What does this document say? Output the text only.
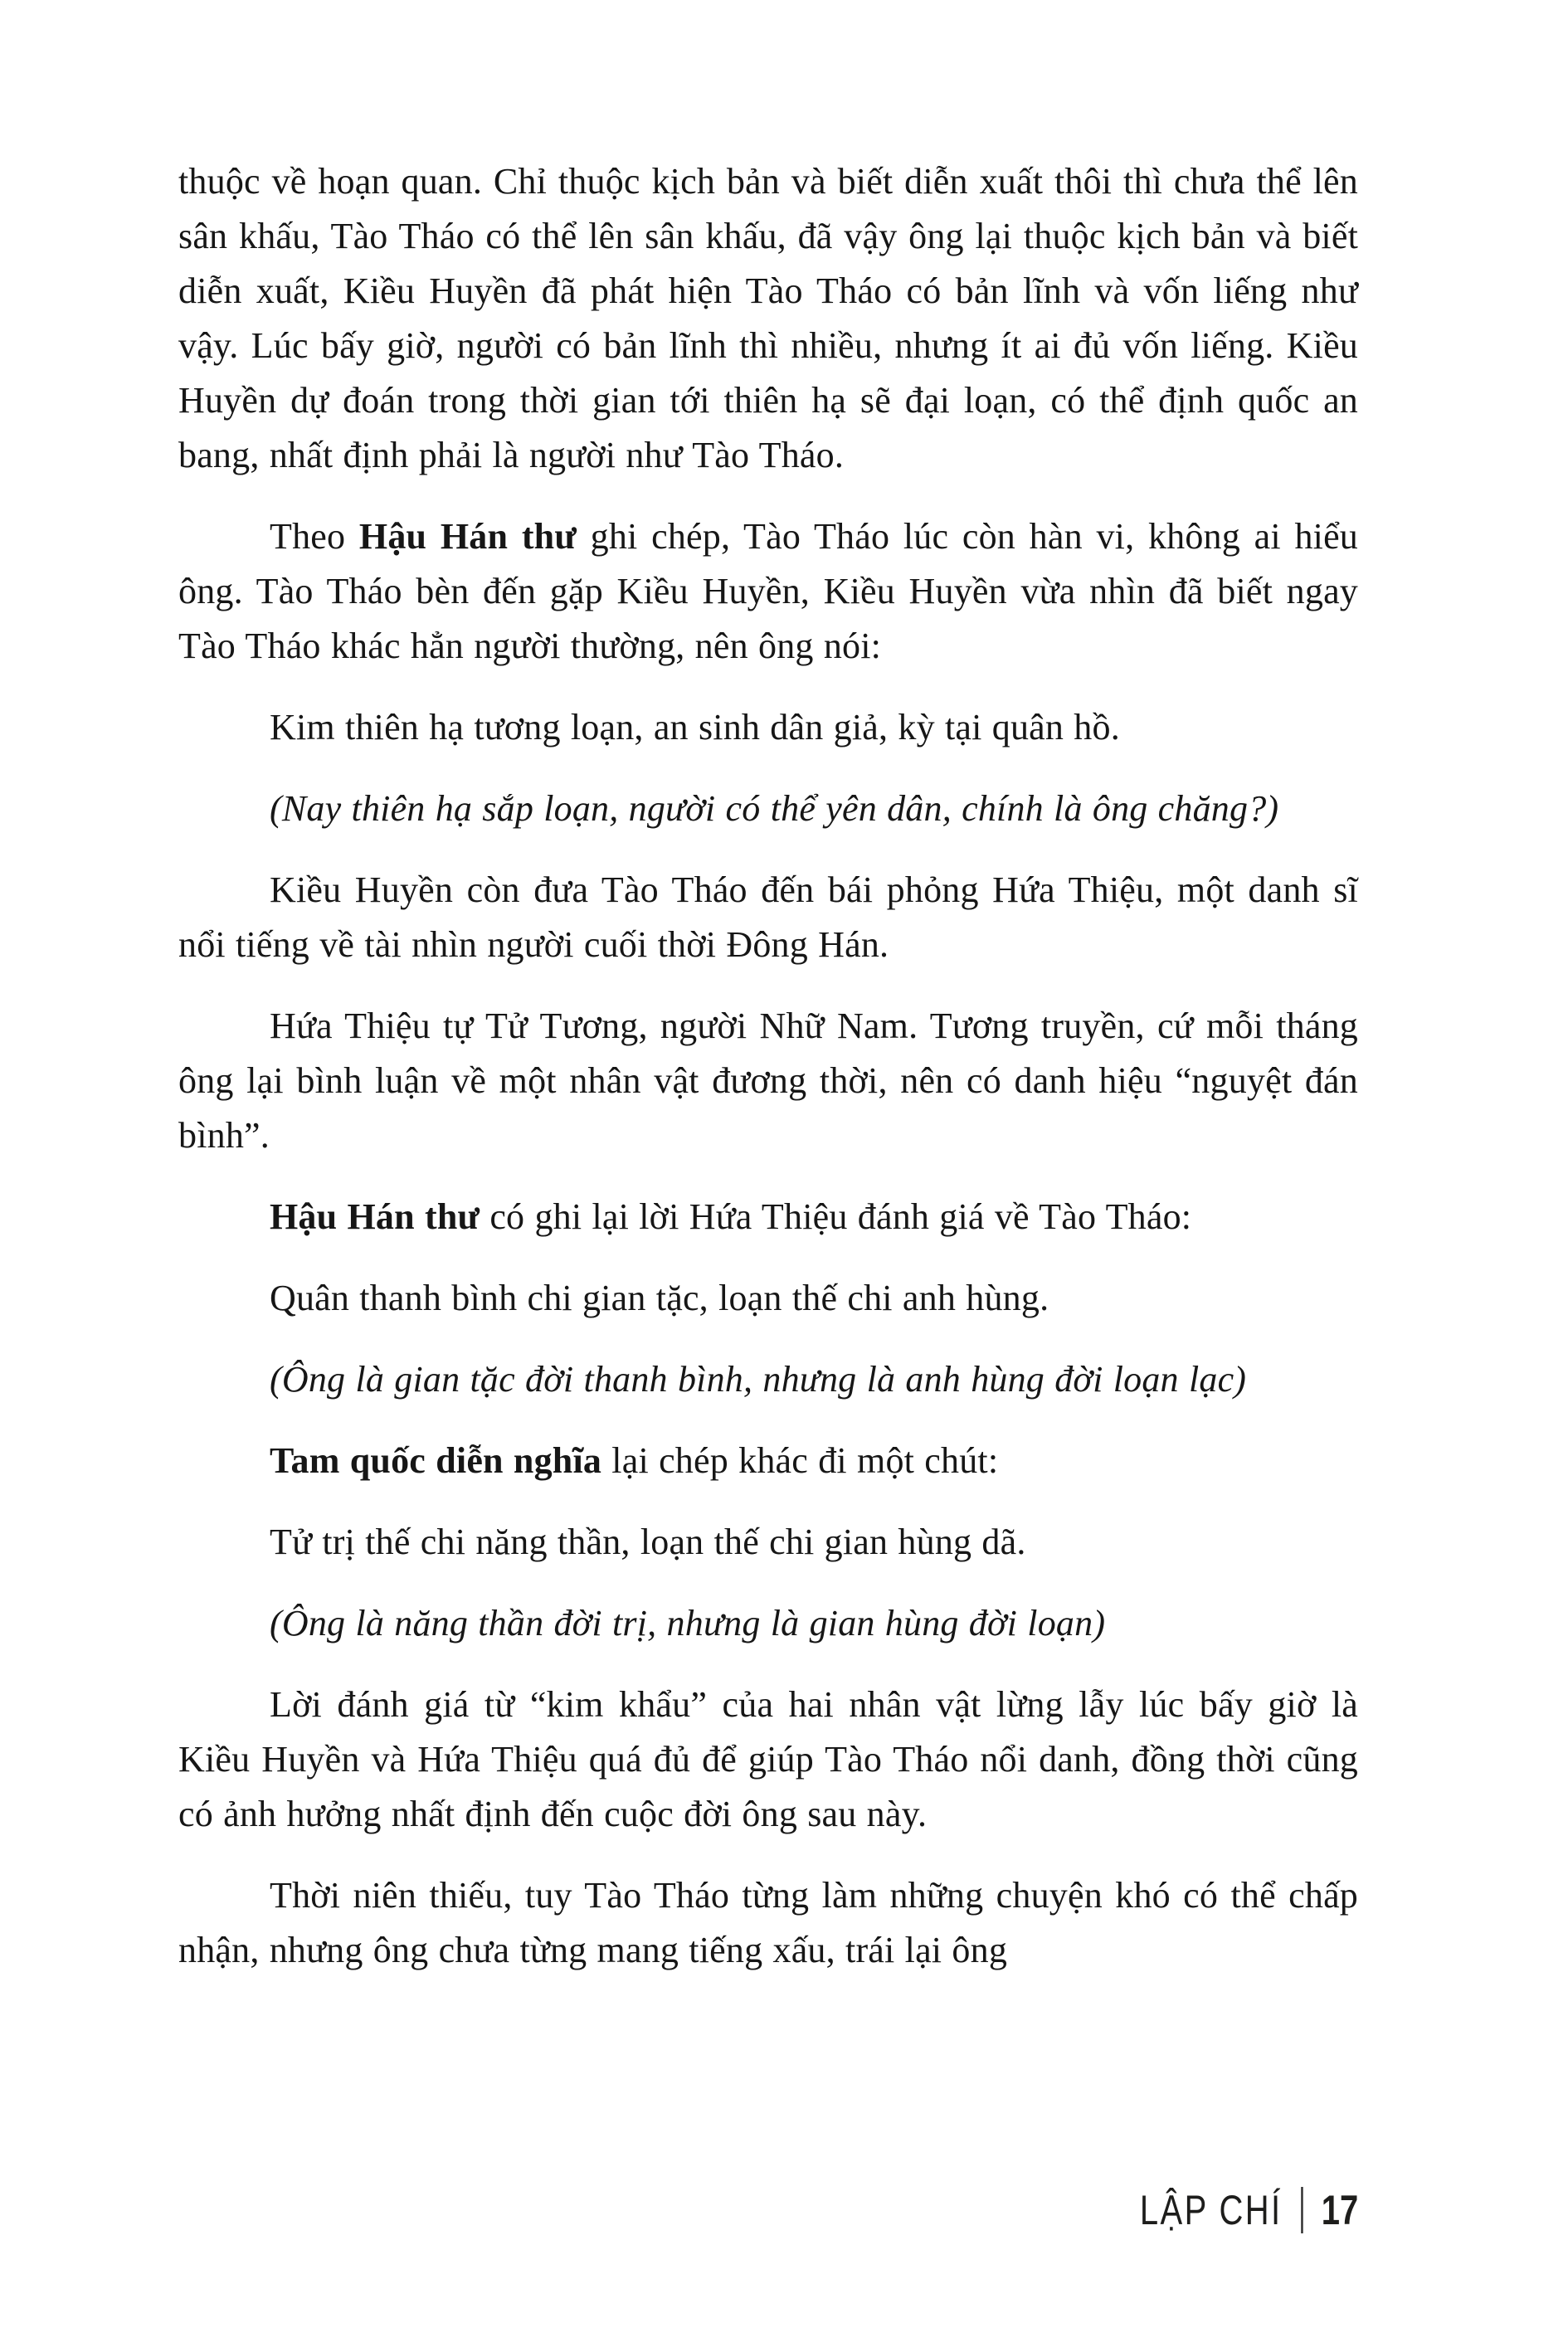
thuộc về hoạn quan. Chỉ thuộc kịch bản và biết diễn xuất thôi thì chưa thể lên sân khấu, Tào Tháo có thể lên sân khấu, đã vậy ông lại thuộc kịch bản và biết diễn xuất, Kiều Huyền đã phát hiện Tào Tháo có bản lĩnh và vốn liếng như vậy. Lúc bấy giờ, người có bản lĩnh thì nhiều, nhưng ít ai đủ vốn liếng. Kiều Huyền dự đoán trong thời gian tới thiên hạ sẽ đại loạn, có thể định quốc an bang, nhất định phải là người như Tào Tháo.

Theo Hậu Hán thư ghi chép, Tào Tháo lúc còn hàn vi, không ai hiểu ông. Tào Tháo bèn đến gặp Kiều Huyền, Kiều Huyền vừa nhìn đã biết ngay Tào Tháo khác hẳn người thường, nên ông nói:

Kim thiên hạ tương loạn, an sinh dân giả, kỳ tại quân hồ.

(Nay thiên hạ sắp loạn, người có thể yên dân, chính là ông chăng?)

Kiều Huyền còn đưa Tào Tháo đến bái phỏng Hứa Thiệu, một danh sĩ nổi tiếng về tài nhìn người cuối thời Đông Hán.

Hứa Thiệu tự Tử Tương, người Nhữ Nam. Tương truyền, cứ mỗi tháng ông lại bình luận về một nhân vật đương thời, nên có danh hiệu “nguyệt đán bình”.

Hậu Hán thư có ghi lại lời Hứa Thiệu đánh giá về Tào Tháo:

Quân thanh bình chi gian tặc, loạn thế chi anh hùng.

(Ông là gian tặc đời thanh bình, nhưng là anh hùng đời loạn lạc)

Tam quốc diễn nghĩa lại chép khác đi một chút:

Tử trị thế chi năng thần, loạn thế chi gian hùng dã.

(Ông là năng thần đời trị, nhưng là gian hùng đời loạn)

Lời đánh giá từ “kim khẩu” của hai nhân vật lừng lẫy lúc bấy giờ là Kiều Huyền và Hứa Thiệu quá đủ để giúp Tào Tháo nổi danh, đồng thời cũng có ảnh hưởng nhất định đến cuộc đời ông sau này.

Thời niên thiếu, tuy Tào Tháo từng làm những chuyện khó có thể chấp nhận, nhưng ông chưa từng mang tiếng xấu, trái lại ông

LẬP CHÍ 17
